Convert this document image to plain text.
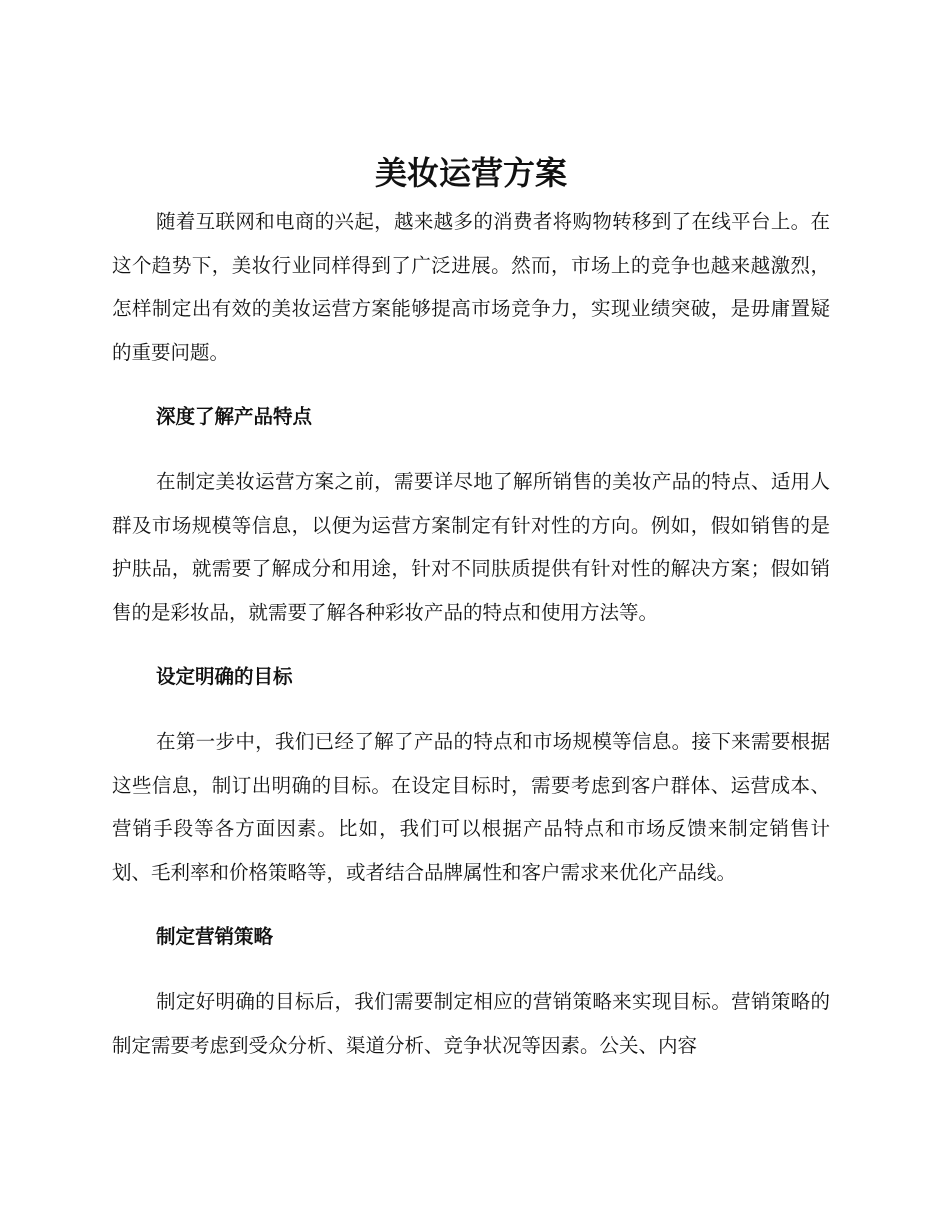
美妆运营方案

随着互联网和电商的兴起，越来越多的消费者将购物转移到了在线平台上。在这个趋势下，美妆行业同样得到了广泛进展。然而，市场上的竞争也越来越激烈，怎样制定出有效的美妆运营方案能够提高市场竞争力，实现业绩突破，是毋庸置疑的重要问题。

深度了解产品特点

在制定美妆运营方案之前，需要详尽地了解所销售的美妆产品的特点、适用人群及市场规模等信息，以便为运营方案制定有针对性的方向。例如，假如销售的是护肤品，就需要了解成分和用途，针对不同肤质提供有针对性的解决方案；假如销售的是彩妆品，就需要了解各种彩妆产品的特点和使用方法等。

设定明确的目标

在第一步中，我们已经了解了产品的特点和市场规模等信息。接下来需要根据这些信息，制订出明确的目标。在设定目标时，需要考虑到客户群体、运营成本、营销手段等各方面因素。比如，我们可以根据产品特点和市场反馈来制定销售计划、毛利率和价格策略等，或者结合品牌属性和客户需求来优化产品线。

制定营销策略

制定好明确的目标后，我们需要制定相应的营销策略来实现目标。营销策略的制定需要考虑到受众分析、渠道分析、竞争状况等因素。公关、内容
